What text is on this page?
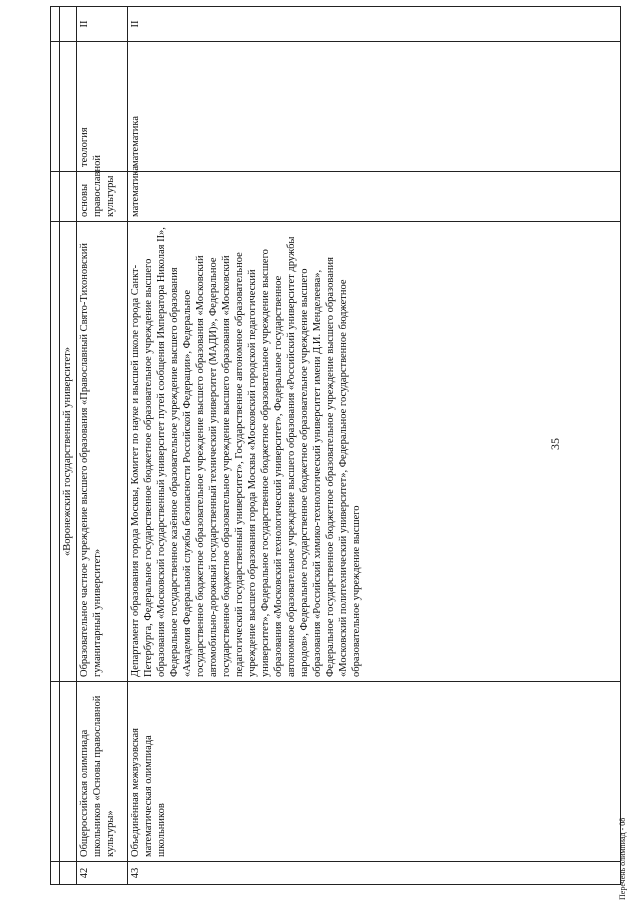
35

		«Воронежский государственный университет»			
42	Общероссийская олимпиада школьников «Основы православной культуры»	Образовательное частное учреждение высшего образования «Православный Свято-Тихоновский гуманитарный университет»	основы православной культуры	теология	II
43	Объединённая межвузовская математическая олимпиада школьников	Департамент образования города Москвы, Комитет по науке и высшей школе города Санкт-Петербурга, Федеральное государственное бюджетное образовательное учреждение высшего образования «Московский государственный университет путей сообщения Императора Николая II», Федеральное государственное казённое образовательное учреждение высшего образования «Академия Федеральной службы безопасности Российской Федерации», Федеральное государственное бюджетное образовательное учреждение высшего образования «Московский автомобильно-дорожный государственный технический университет (МАДИ)», Федеральное государственное бюджетное образовательное учреждение высшего образования «Московский педагогический государственный университет», Государственное автономное образовательное учреждение высшего образования города Москвы «Московский городской педагогический университет», Федеральное государственное бюджетное образовательное учреждение высшего образования «Московский технологический университет», Федеральное государственное автономное образовательное учреждение высшего образования «Российский университет дружбы народов», Федеральное государственное бюджетное образовательное учреждение высшего образования «Российский химико-технологический университет имени Д.И. Менделеева», Федеральное государственное бюджетное образовательное учреждение высшего образования «Московский политехнический университет», Федеральное государственное бюджетное образовательное учреждение высшего	математика	математика	II
Перечень олимпиад - 08
